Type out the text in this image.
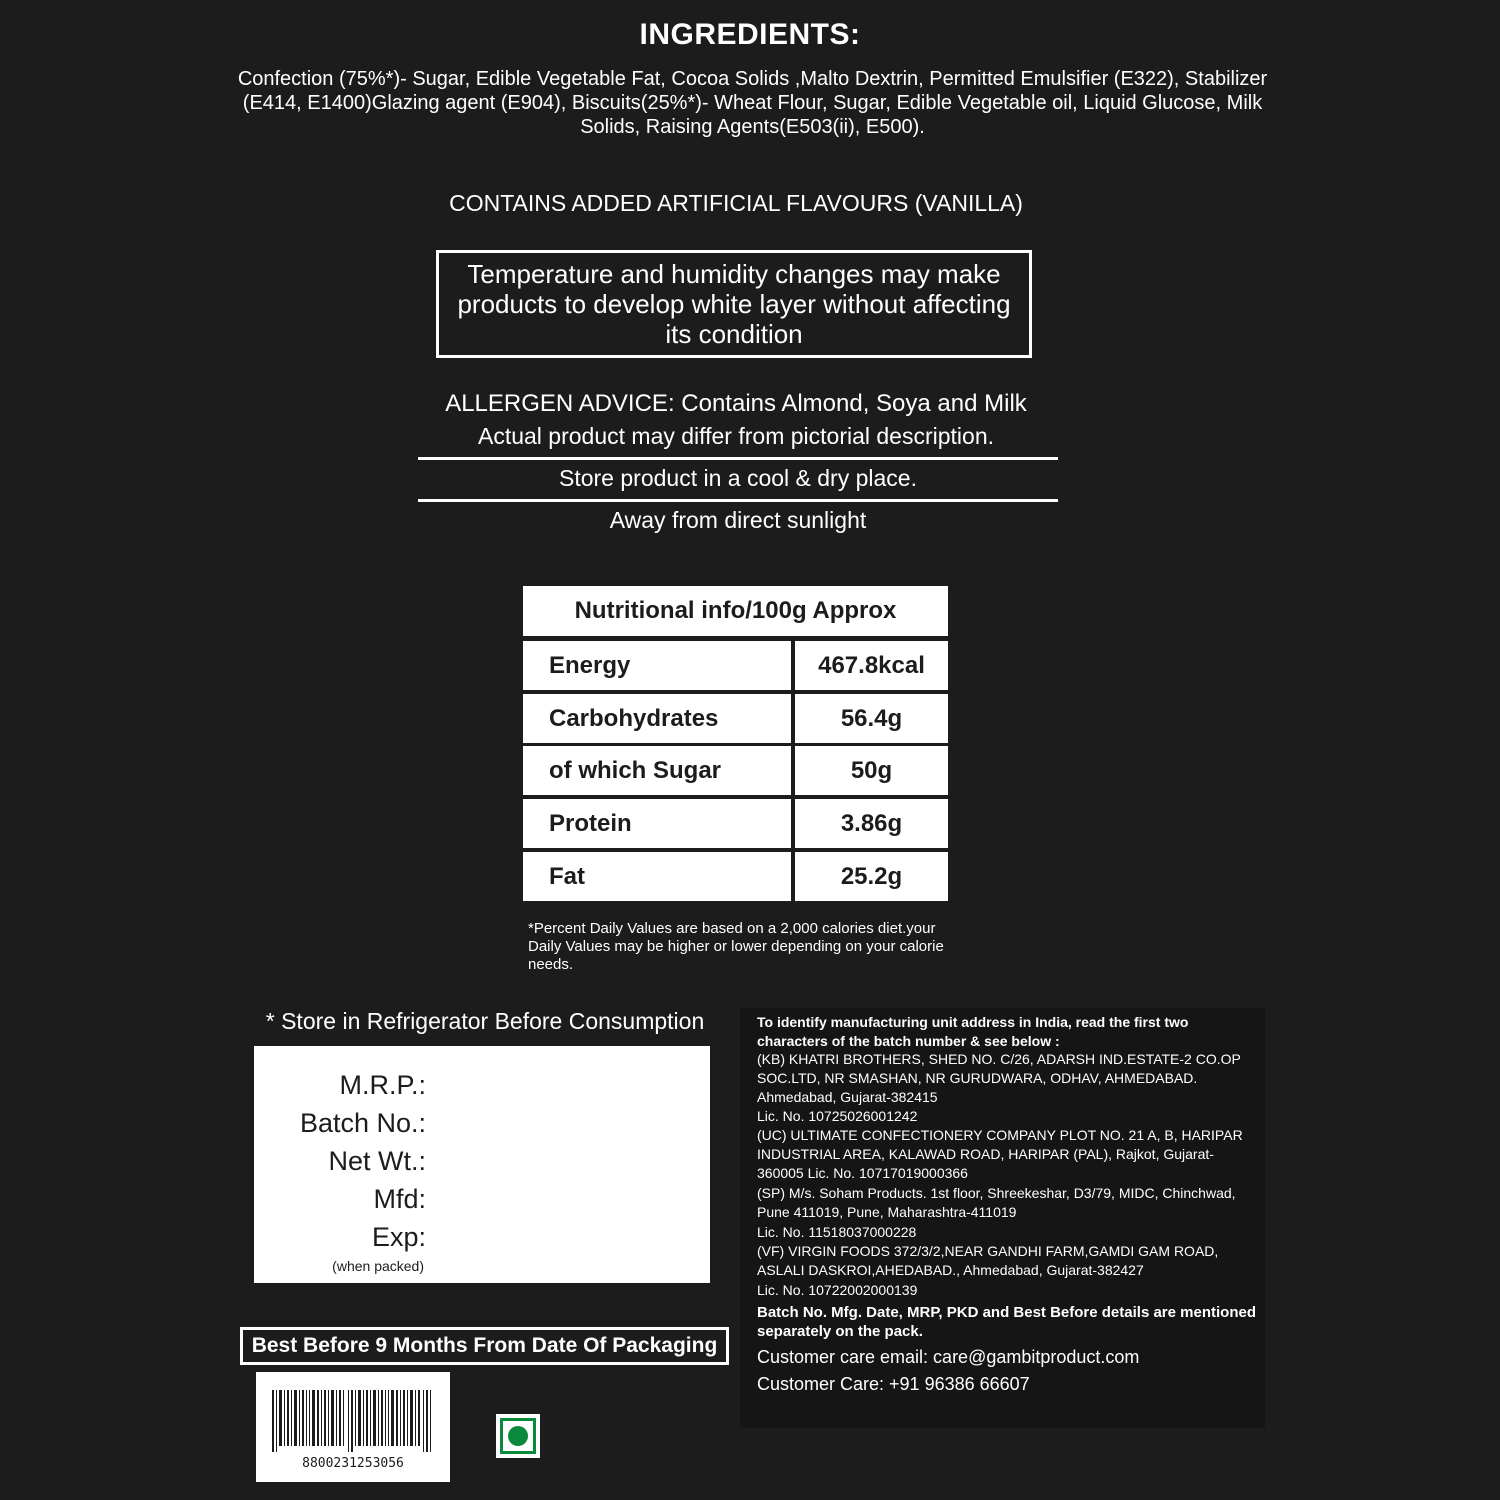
INGREDIENTS:
Confection (75%*)- Sugar, Edible Vegetable Fat, Cocoa Solids ,Malto Dextrin, Permitted Emulsifier (E322), Stabilizer (E414, E1400)Glazing agent (E904), Biscuits(25%*)- Wheat Flour, Sugar, Edible Vegetable oil, Liquid Glucose, Milk Solids, Raising Agents(E503(ii), E500).
CONTAINS ADDED ARTIFICIAL FLAVOURS (VANILLA)
Temperature and humidity changes may make products to develop white layer without affecting its condition
ALLERGEN ADVICE: Contains Almond, Soya and Milk
Actual product may differ from pictorial description.
Store product in a cool & dry place.
Away from direct sunlight
Nutritional info/100g Approx
Energy	467.8kcal
Carbohydrates	56.4g
of which Sugar	50g
Protein	3.86g
Fat	25.2g
*Percent Daily Values are based on a 2,000 calories diet.your Daily Values may be higher or lower depending on your calorie needs.
* Store in Refrigerator Before Consumption
M.R.P.:
Batch No.:
Net Wt.:
Mfd:
Exp:
(when packed)
Best Before 9 Months From Date Of Packaging
8800231253056
To identify manufacturing unit address in India, read the first two characters of the batch number & see below :
(KB) KHATRI BROTHERS, SHED NO. C/26, ADARSH IND.ESTATE-2 CO.OP SOC.LTD, NR SMASHAN, NR GURUDWARA, ODHAV, AHMEDABAD. Ahmedabad, Gujarat-382415
Lic. No. 10725026001242
(UC) ULTIMATE CONFECTIONERY COMPANY PLOT NO. 21 A, B, HARIPAR INDUSTRIAL AREA, KALAWAD ROAD, HARIPAR (PAL), Rajkot, Gujarat-360005 Lic. No. 10717019000366
(SP) M/s. Soham Products. 1st floor, Shreekeshar, D3/79, MIDC, Chinchwad, Pune 411019, Pune, Maharashtra-411019
Lic. No. 11518037000228
(VF) VIRGIN FOODS 372/3/2,NEAR GANDHI FARM,GAMDI GAM ROAD, ASLALI DASKROI,AHEDABAD., Ahmedabad, Gujarat-382427
Lic. No. 10722002000139
Batch No. Mfg. Date, MRP, PKD and Best Before details are mentioned separately on the pack.
Customer care email: care@gambitproduct.com
Customer Care: +91 96386 66607
